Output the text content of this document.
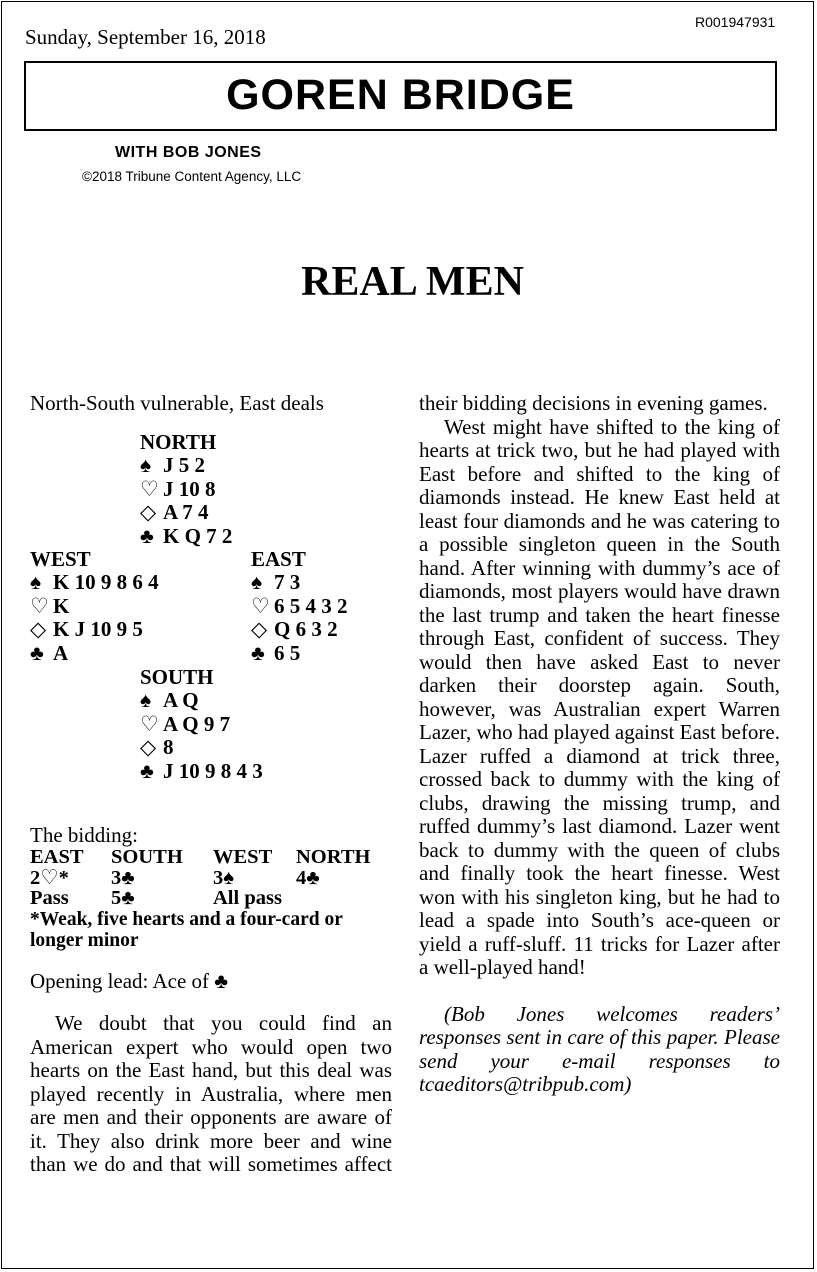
Sunday, September 16, 2018
R001947931
GOREN BRIDGE
WITH BOB JONES
©2018 Tribune Content Agency, LLC
REAL MEN
North-South vulnerable, East deals
NORTH
♠ J 5 2
♡ J 10 8
◇ A 7 4
♣ K Q 7 2
WEST
♠ K 10 9 8 6 4
♡ K
◇ K J 10 9 5
♣ A
EAST
♠ 7 3
♡ 6 5 4 3 2
◇ Q 6 3 2
♣ 6 5
SOUTH
♠ A Q
♡ A Q 9 7
◇ 8
♣ J 10 9 8 4 3
The bidding:
EAST	SOUTH	WEST	NORTH
2♡*	3♣	3♠	4♣
Pass	5♣	All pass
*Weak, five hearts and a four-card or longer minor
Opening lead: Ace of ♣

We doubt that you could find an American expert who would open two hearts on the East hand, but this deal was played recently in Australia, where men are men and their opponents are aware of it. They also drink more beer and wine than we do and that will sometimes affect

their bidding decisions in evening games.

West might have shifted to the king of hearts at trick two, but he had played with East before and shifted to the king of diamonds instead. He knew East held at least four diamonds and he was catering to a possible singleton queen in the South hand. After winning with dummy’s ace of diamonds, most players would have drawn the last trump and taken the heart finesse through East, confident of success. They would then have asked East to never darken their doorstep again. South, however, was Australian expert Warren Lazer, who had played against East before. Lazer ruffed a diamond at trick three, crossed back to dummy with the king of clubs, drawing the missing trump, and ruffed dummy’s last diamond. Lazer went back to dummy with the queen of clubs and finally took the heart finesse. West won with his singleton king, but he had to lead a spade into South’s ace-queen or yield a ruff-sluff. 11 tricks for Lazer after a well-played hand!

(Bob Jones welcomes readers’ responses sent in care of this paper. Please send your e-mail responses to tcaeditors@tribpub.com)
